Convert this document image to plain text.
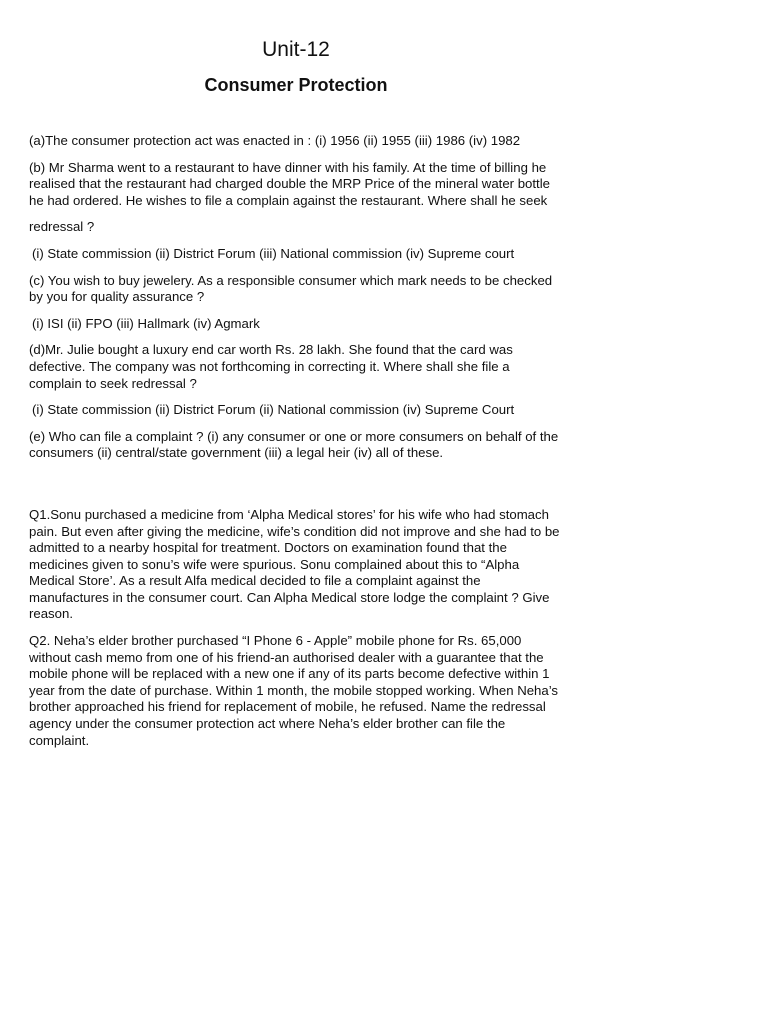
Unit-12
Consumer Protection

(a)The consumer protection act was enacted in : (i) 1956 (ii) 1955 (iii) 1986 (iv) 1982

(b) Mr Sharma went to a restaurant to have dinner with his family. At the time of billing he realised that the restaurant had charged double the MRP Price of the mineral water bottle he had ordered. He wishes to file a complain against the restaurant. Where shall he seek

redressal ?

(i) State commission (ii) District Forum (iii) National commission (iv) Supreme court

(c) You wish to buy jewelery. As a responsible consumer which mark needs to be checked by you for quality assurance ?

(i) ISI (ii) FPO (iii) Hallmark (iv) Agmark

(d)Mr. Julie bought a luxury end car worth Rs. 28 lakh. She found that the card was defective. The company was not forthcoming in correcting it. Where shall she file a complain to seek redressal ?

(i) State commission (ii) District Forum (ii) National commission (iv) Supreme Court

(e) Who can file a complaint ? (i) any consumer or one or more consumers on behalf of the consumers (ii) central/state government (iii) a legal heir (iv) all of these.

Q1.Sonu purchased a medicine from ‘Alpha Medical stores’ for his wife who had stomach pain. But even after giving the medicine, wife’s condition did not improve and she had to be admitted to a nearby hospital for treatment. Doctors on examination found that the medicines given to sonu’s wife were spurious. Sonu complained about this to “Alpha Medical Store’. As a result Alfa medical decided to file a complaint against the manufactures in the consumer court. Can Alpha Medical store lodge the complaint ? Give reason.

Q2. Neha’s elder brother purchased “I Phone 6 - Apple” mobile phone for Rs. 65,000 without cash memo from one of his friend-an authorised dealer with a guarantee that the mobile phone will be replaced with a new one if any of its parts become defective within 1 year from the date of purchase. Within 1 month, the mobile stopped working. When Neha’s brother approached his friend for replacement of mobile, he refused. Name the redressal agency under the consumer protection act where Neha’s elder brother can file the complaint.
